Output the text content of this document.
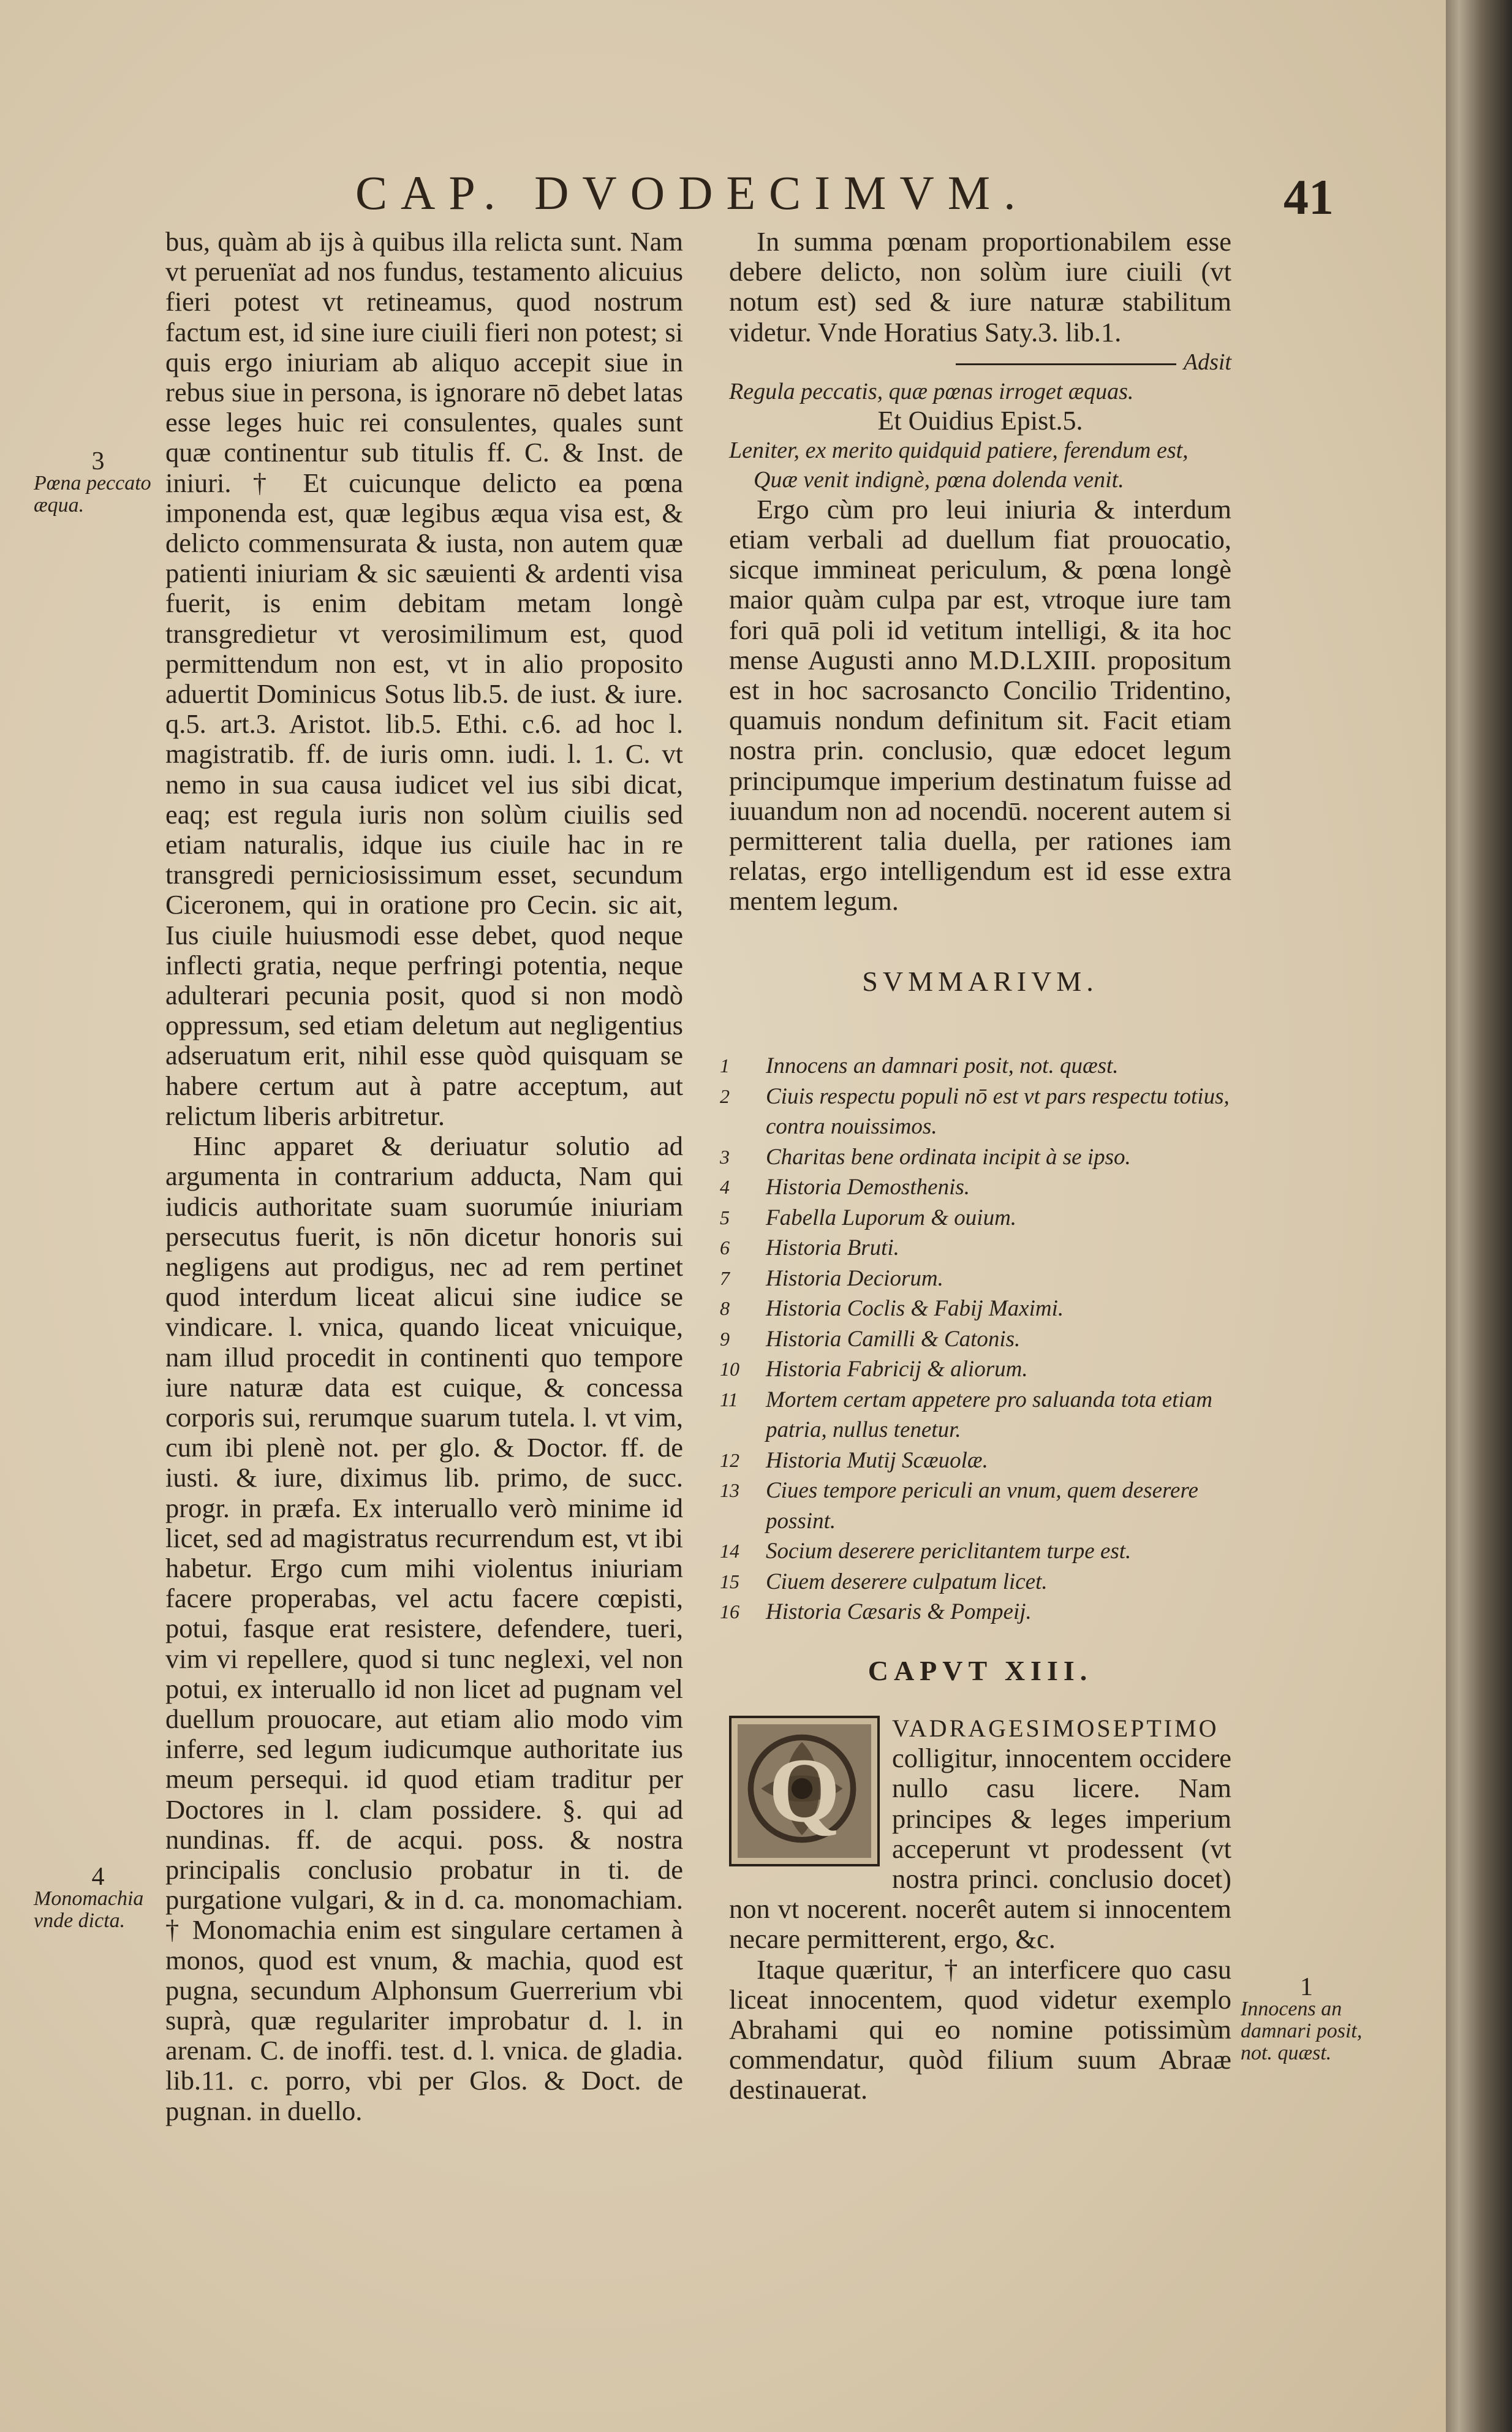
CAP. DVODECIMVM.	41
3
Pœna peccato æqua.
4
Monomachia vnde dicta.
1
Innocens an damnari posit, not. quæst.

bus, quàm ab ijs à quibus illa relicta sunt. Nam vt peruenïat ad nos fundus, testamento alicuius fieri potest vt retineamus, quod nostrum factum est, id sine iure ciuili fieri non potest; si quis ergo iniuriam ab aliquo accepit siue in rebus siue in persona, is ignorare nō debet latas esse leges huic rei consulentes, quales sunt quæ continentur sub titulis ff. C. & Inst. de iniuri. † Et cuicunque delicto ea pœna imponenda est, quæ legibus æqua visa est, & delicto commensurata & iusta, non autem quæ patienti iniuriam & sic sæuienti & ardenti visa fuerit, is enim debitam metam longè transgredietur vt verosimilimum est, quod permittendum non est, vt in alio proposito aduertit Dominicus Sotus lib.5. de iust. & iure. q.5. art.3. Aristot. lib.5. Ethi. c.6. ad hoc l. magistratib. ff. de iuris omn. iudi. l. 1. C. vt nemo in sua causa iudicet vel ius sibi dicat, eaq; est regula iuris non solùm ciuilis sed etiam naturalis, idque ius ciuile hac in re transgredi perniciosissimum esset, secundum Ciceronem, qui in oratione pro Cecin. sic ait, Ius ciuile huiusmodi esse debet, quod neque inflecti gratia, neque perfringi potentia, neque adulterari pecunia posit, quod si non modò oppressum, sed etiam deletum aut negligentius adseruatum erit, nihil esse quòd quisquam se habere certum aut à patre acceptum, aut relictum liberis arbitretur.

Hinc apparet & deriuatur solutio ad argumenta in contrarium adducta, Nam qui iudicis authoritate suam suorumúe iniuriam persecutus fuerit, is nōn dicetur honoris sui negligens aut prodigus, nec ad rem pertinet quod interdum liceat alicui sine iudice se vindicare. l. vnica, quando liceat vnicuique, nam illud procedit in continenti quo tempore iure naturæ data est cuique, & concessa corporis sui, rerumque suarum tutela. l. vt vim, cum ibi plenè not. per glo. & Doctor. ff. de iusti. & iure, diximus lib. primo, de succ. progr. in præfa. Ex interuallo verò minime id licet, sed ad magistratus recurrendum est, vt ibi habetur. Ergo cum mihi violentus iniuriam facere properabas, vel actu facere cœpisti, potui, fasque erat resistere, defendere, tueri, vim vi repellere, quod si tunc neglexi, vel non potui, ex interuallo id non licet ad pugnam vel duellum prouocare, aut etiam alio modo vim inferre, sed legum iudicumque authoritate ius meum persequi. id quod etiam traditur per Doctores in l. clam possidere. §. qui ad nundinas. ff. de acqui. poss. & nostra principalis conclusio probatur in ti. de purgatione vulgari, & in d. ca. monomachiam. † Monomachia enim est singulare certamen à monos, quod est vnum, & machia, quod est pugna, secundum Alphonsum Guerrerium vbi suprà, quæ regulariter improbatur d. l. in arenam. C. de inoffi. test. d. l. vnica. de gladia. lib.11. c. porro, vbi per Glos. & Doct. de pugnan. in duello.

In summa pœnam proportionabilem esse debere delicto, non solùm iure ciuili (vt notum est) sed & iure naturæ stabilitum videtur. Vnde Horatius Saty.3. lib.1.

Adsit

Regula peccatis, quæ pœnas irroget æquas.

Et Ouidius Epist.5.

Leniter, ex merito quidquid patiere, ferendum est,

Quæ venit indignè, pœna dolenda venit.

Ergo cùm pro leui iniuria & interdum etiam verbali ad duellum fiat prouocatio, sicque immineat periculum, & pœna longè maior quàm culpa par est, vtroque iure tam fori quā poli id vetitum intelligi, & ita hoc mense Augusti anno M.D.LXIII. propositum est in hoc sacrosancto Concilio Tridentino, quamuis nondum definitum sit. Facit etiam nostra prin. conclusio, quæ edocet legum principumque imperium destinatum fuisse ad iuuandum non ad nocendū. nocerent autem si permitterent talia duella, per rationes iam relatas, ergo intelligendum est id esse extra mentem legum.

SVMMARIVM.
1	Innocens an damnari posit, not. quæst.
2	Ciuis respectu populi nō est vt pars respectu totius, contra nouissimos.
3	Charitas bene ordinata incipit à se ipso.
4	Historia Demosthenis.
5	Fabella Luporum & ouium.
6	Historia Bruti.
7	Historia Deciorum.
8	Historia Coclis & Fabij Maximi.
9	Historia Camilli & Catonis.
10	Historia Fabricij & aliorum.
11	Mortem certam appetere pro saluanda tota etiam patria, nullus tenetur.
12	Historia Mutij Scæuolæ.
13	Ciues tempore periculi an vnum, quem deserere possint.
14	Socium deserere periclitantem turpe est.
15	Ciuem deserere culpatum licet.
16	Historia Cæsaris & Pompeij.
CAPVT XIII.
Q

VADRAGESIMOSEPTIMO colligitur, innocentem occidere nullo casu licere. Nam principes & leges imperium acceperunt vt prodessent (vt nostra princi. conclusio docet) non vt nocerent. nocerêt autem si innocentem necare permitterent, ergo, &c.

Itaque quæritur, † an interficere quo casu liceat innocentem, quod videtur exemplo Abrahami qui eo nomine potissimùm commendatur, quòd filium suum Abraæ destinauerat.
